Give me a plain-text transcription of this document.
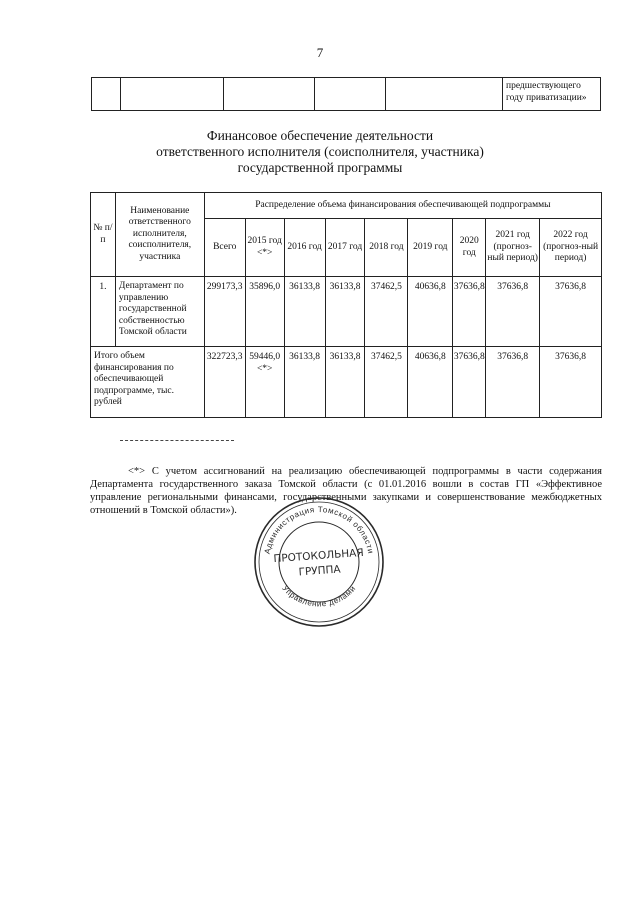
7
					предшествующего году приватизации»
Финансовое обеспечение деятельности
ответственного исполнителя (соисполнителя, участника)
государственной программы
№ п/п	Наименование ответственного исполнителя, соисполнителя, участника	Распределение объема финансирования обеспечивающей подпрограммы								
		Всего	2015 год <*>	2016 год	2017 год	2018 год	2019 год	2020 год	2021 год (прогноз-ный период)	2022 год (прогноз-ный период)
1.	Департамент по управлению государственной собственностью Томской области	299173,3	35896,0	36133,8	36133,8	37462,5	40636,8	37636,8	37636,8	37636,8
Итого объем финансирования по обеспечивающей подпрограмме, тыс. рублей		322723,3	59446,0 <*>	36133,8	36133,8	37462,5	40636,8	37636,8	37636,8	37636,8
<*> С учетом ассигнований на реализацию обеспечивающей подпрограммы в части содержания Департамента государственного заказа Томской области (с 01.01.2016 вошли в состав ГП «Эффективное управление региональными финансами, государственными закупками и совершенствование межбюджетных отношений в Томской области»).
Администрация Томской области
Управление делами
ПРОТОКОЛЬНАЯ
ГРУППА
